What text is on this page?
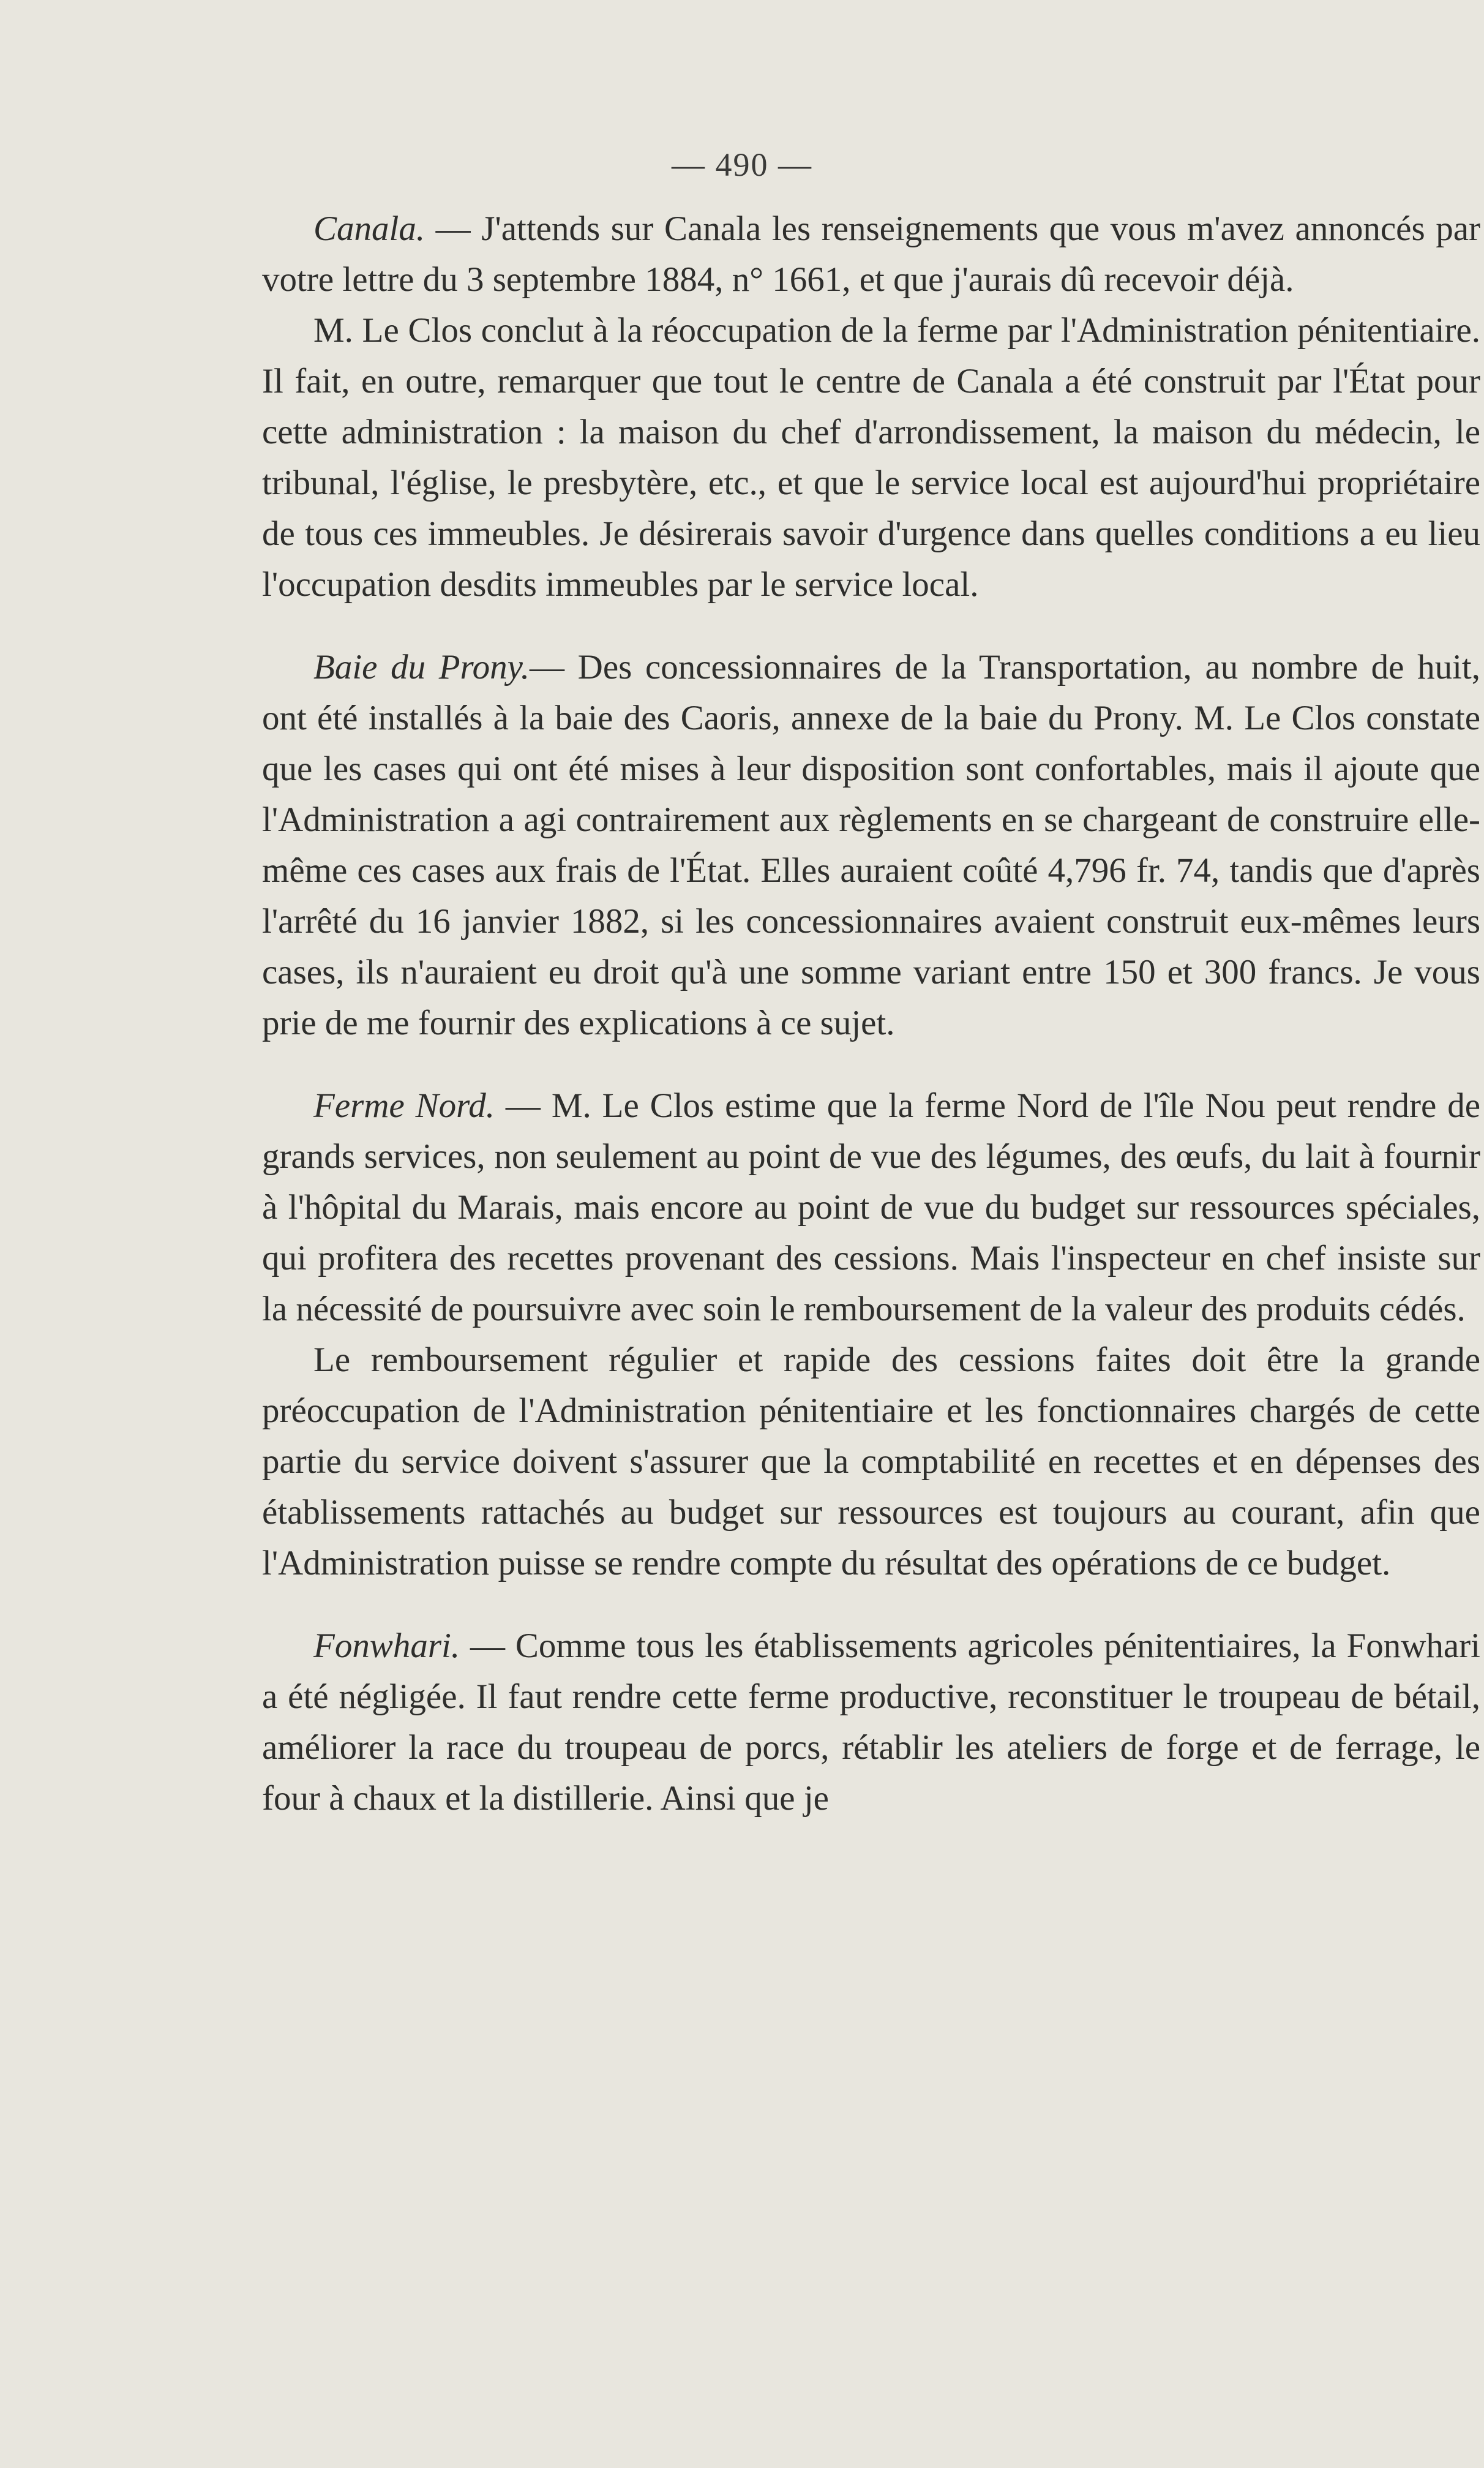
— 490 —

Canala. — J'attends sur Canala les renseignements que vous m'avez annoncés par votre lettre du 3 septembre 1884, n° 1661, et que j'aurais dû recevoir déjà.

M. Le Clos conclut à la réoccupation de la ferme par l'Administration pénitentiaire. Il fait, en outre, remarquer que tout le centre de Canala a été construit par l'État pour cette administration : la maison du chef d'arrondissement, la maison du médecin, le tribunal, l'église, le presbytère, etc., et que le service local est aujourd'hui propriétaire de tous ces immeubles. Je désirerais savoir d'urgence dans quelles conditions a eu lieu l'occupation desdits immeubles par le service local.

Baie du Prony.— Des concessionnaires de la Transportation, au nombre de huit, ont été installés à la baie des Caoris, annexe de la baie du Prony. M. Le Clos constate que les cases qui ont été mises à leur disposition sont confortables, mais il ajoute que l'Administration a agi contrairement aux règlements en se chargeant de construire elle-même ces cases aux frais de l'État. Elles auraient coûté 4,796 fr. 74, tandis que d'après l'arrêté du 16 janvier 1882, si les concessionnaires avaient construit eux-mêmes leurs cases, ils n'auraient eu droit qu'à une somme variant entre 150 et 300 francs. Je vous prie de me fournir des explications à ce sujet.

Ferme Nord. — M. Le Clos estime que la ferme Nord de l'île Nou peut rendre de grands services, non seulement au point de vue des légumes, des œufs, du lait à fournir à l'hôpital du Marais, mais encore au point de vue du budget sur ressources spéciales, qui profitera des recettes provenant des cessions. Mais l'inspecteur en chef insiste sur la nécessité de poursuivre avec soin le remboursement de la valeur des produits cédés.

Le remboursement régulier et rapide des cessions faites doit être la grande préoccupation de l'Administration pénitentiaire et les fonctionnaires chargés de cette partie du service doivent s'assurer que la comptabilité en recettes et en dépenses des établissements rattachés au budget sur ressources est toujours au courant, afin que l'Administration puisse se rendre compte du résultat des opérations de ce budget.

Fonwhari. — Comme tous les établissements agricoles pénitentiaires, la Fonwhari a été négligée. Il faut rendre cette ferme productive, reconstituer le troupeau de bétail, améliorer la race du troupeau de porcs, rétablir les ateliers de forge et de ferrage, le four à chaux et la distillerie. Ainsi que je
